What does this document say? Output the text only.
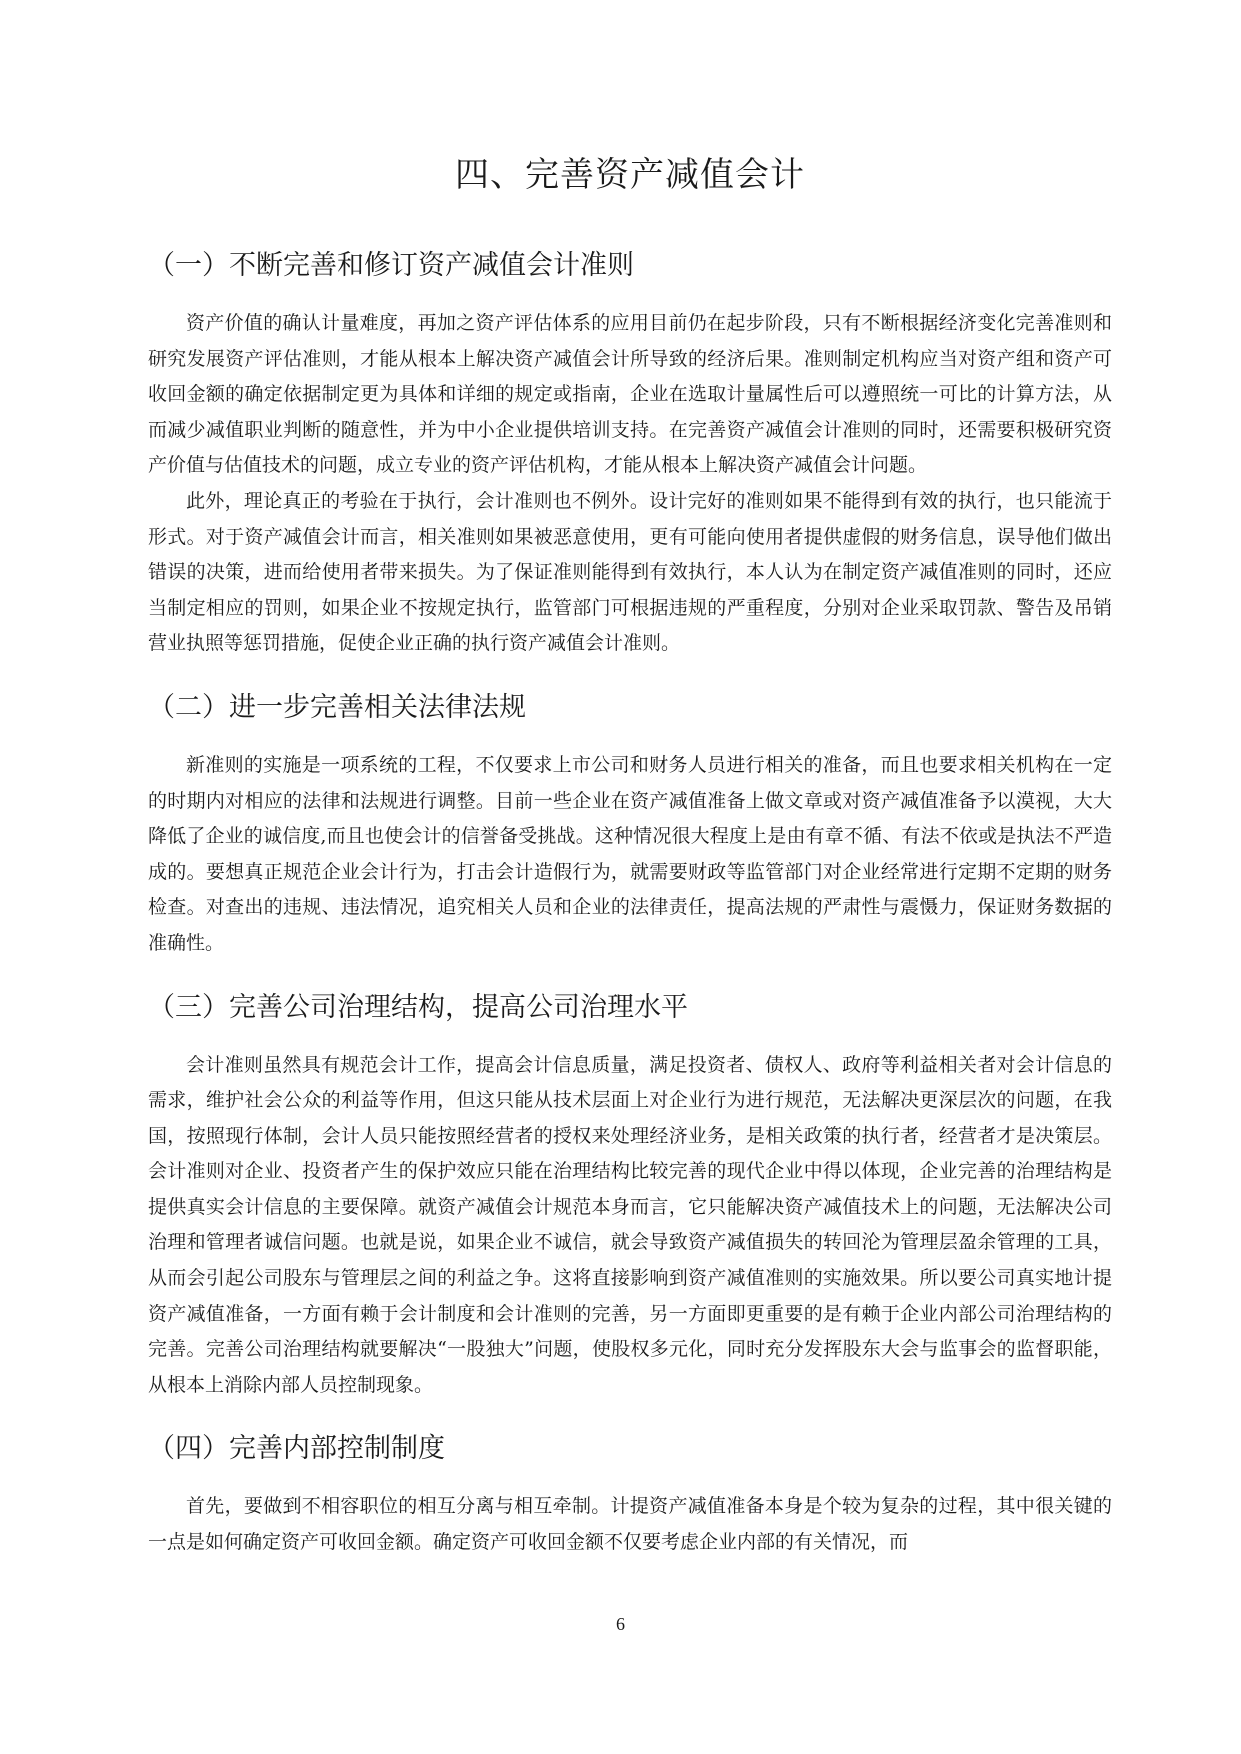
四、完善资产减值会计
（一）不断完善和修订资产减值会计准则

资产价值的确认计量难度，再加之资产评估体系的应用目前仍在起步阶段，只有不断根据经济变化完善准则和研究发展资产评估准则，才能从根本上解决资产减值会计所导致的经济后果。准则制定机构应当对资产组和资产可收回金额的确定依据制定更为具体和详细的规定或指南，企业在选取计量属性后可以遵照统一可比的计算方法，从而减少减值职业判断的随意性，并为中小企业提供培训支持。在完善资产减值会计准则的同时，还需要积极研究资产价值与估值技术的问题，成立专业的资产评估机构，才能从根本上解决资产减值会计问题。

此外，理论真正的考验在于执行，会计准则也不例外。设计完好的准则如果不能得到有效的执行，也只能流于形式。对于资产减值会计而言，相关准则如果被恶意使用，更有可能向使用者提供虚假的财务信息，误导他们做出错误的决策，进而给使用者带来损失。为了保证准则能得到有效执行，本人认为在制定资产减值准则的同时，还应当制定相应的罚则，如果企业不按规定执行，监管部门可根据违规的严重程度，分别对企业采取罚款、警告及吊销营业执照等惩罚措施，促使企业正确的执行资产减值会计准则。

（二）进一步完善相关法律法规

新准则的实施是一项系统的工程，不仅要求上市公司和财务人员进行相关的准备，而且也要求相关机构在一定的时期内对相应的法律和法规进行调整。目前一些企业在资产减值准备上做文章或对资产减值准备予以漠视，大大降低了企业的诚信度,而且也使会计的信誉备受挑战。这种情况很大程度上是由有章不循、有法不依或是执法不严造成的。要想真正规范企业会计行为，打击会计造假行为，就需要财政等监管部门对企业经常进行定期不定期的财务检查。对查出的违规、违法情况，追究相关人员和企业的法律责任，提高法规的严肃性与震慑力，保证财务数据的准确性。

（三）完善公司治理结构，提高公司治理水平

会计准则虽然具有规范会计工作，提高会计信息质量，满足投资者、债权人、政府等利益相关者对会计信息的需求，维护社会公众的利益等作用，但这只能从技术层面上对企业行为进行规范，无法解决更深层次的问题，在我国，按照现行体制，会计人员只能按照经营者的授权来处理经济业务，是相关政策的执行者，经营者才是决策层。会计准则对企业、投资者产生的保护效应只能在治理结构比较完善的现代企业中得以体现，企业完善的治理结构是提供真实会计信息的主要保障。就资产减值会计规范本身而言，它只能解决资产减值技术上的问题，无法解决公司治理和管理者诚信问题。也就是说，如果企业不诚信，就会导致资产减值损失的转回沦为管理层盈余管理的工具，从而会引起公司股东与管理层之间的利益之争。这将直接影响到资产减值准则的实施效果。所以要公司真实地计提资产减值准备，一方面有赖于会计制度和会计准则的完善，另一方面即更重要的是有赖于企业内部公司治理结构的完善。完善公司治理结构就要解决“一股独大”问题，使股权多元化，同时充分发挥股东大会与监事会的监督职能，从根本上消除内部人员控制现象。

（四）完善内部控制制度

首先，要做到不相容职位的相互分离与相互牵制。计提资产减值准备本身是个较为复杂的过程，其中很关键的一点是如何确定资产可收回金额。确定资产可收回金额不仅要考虑企业内部的有关情况，而

6
